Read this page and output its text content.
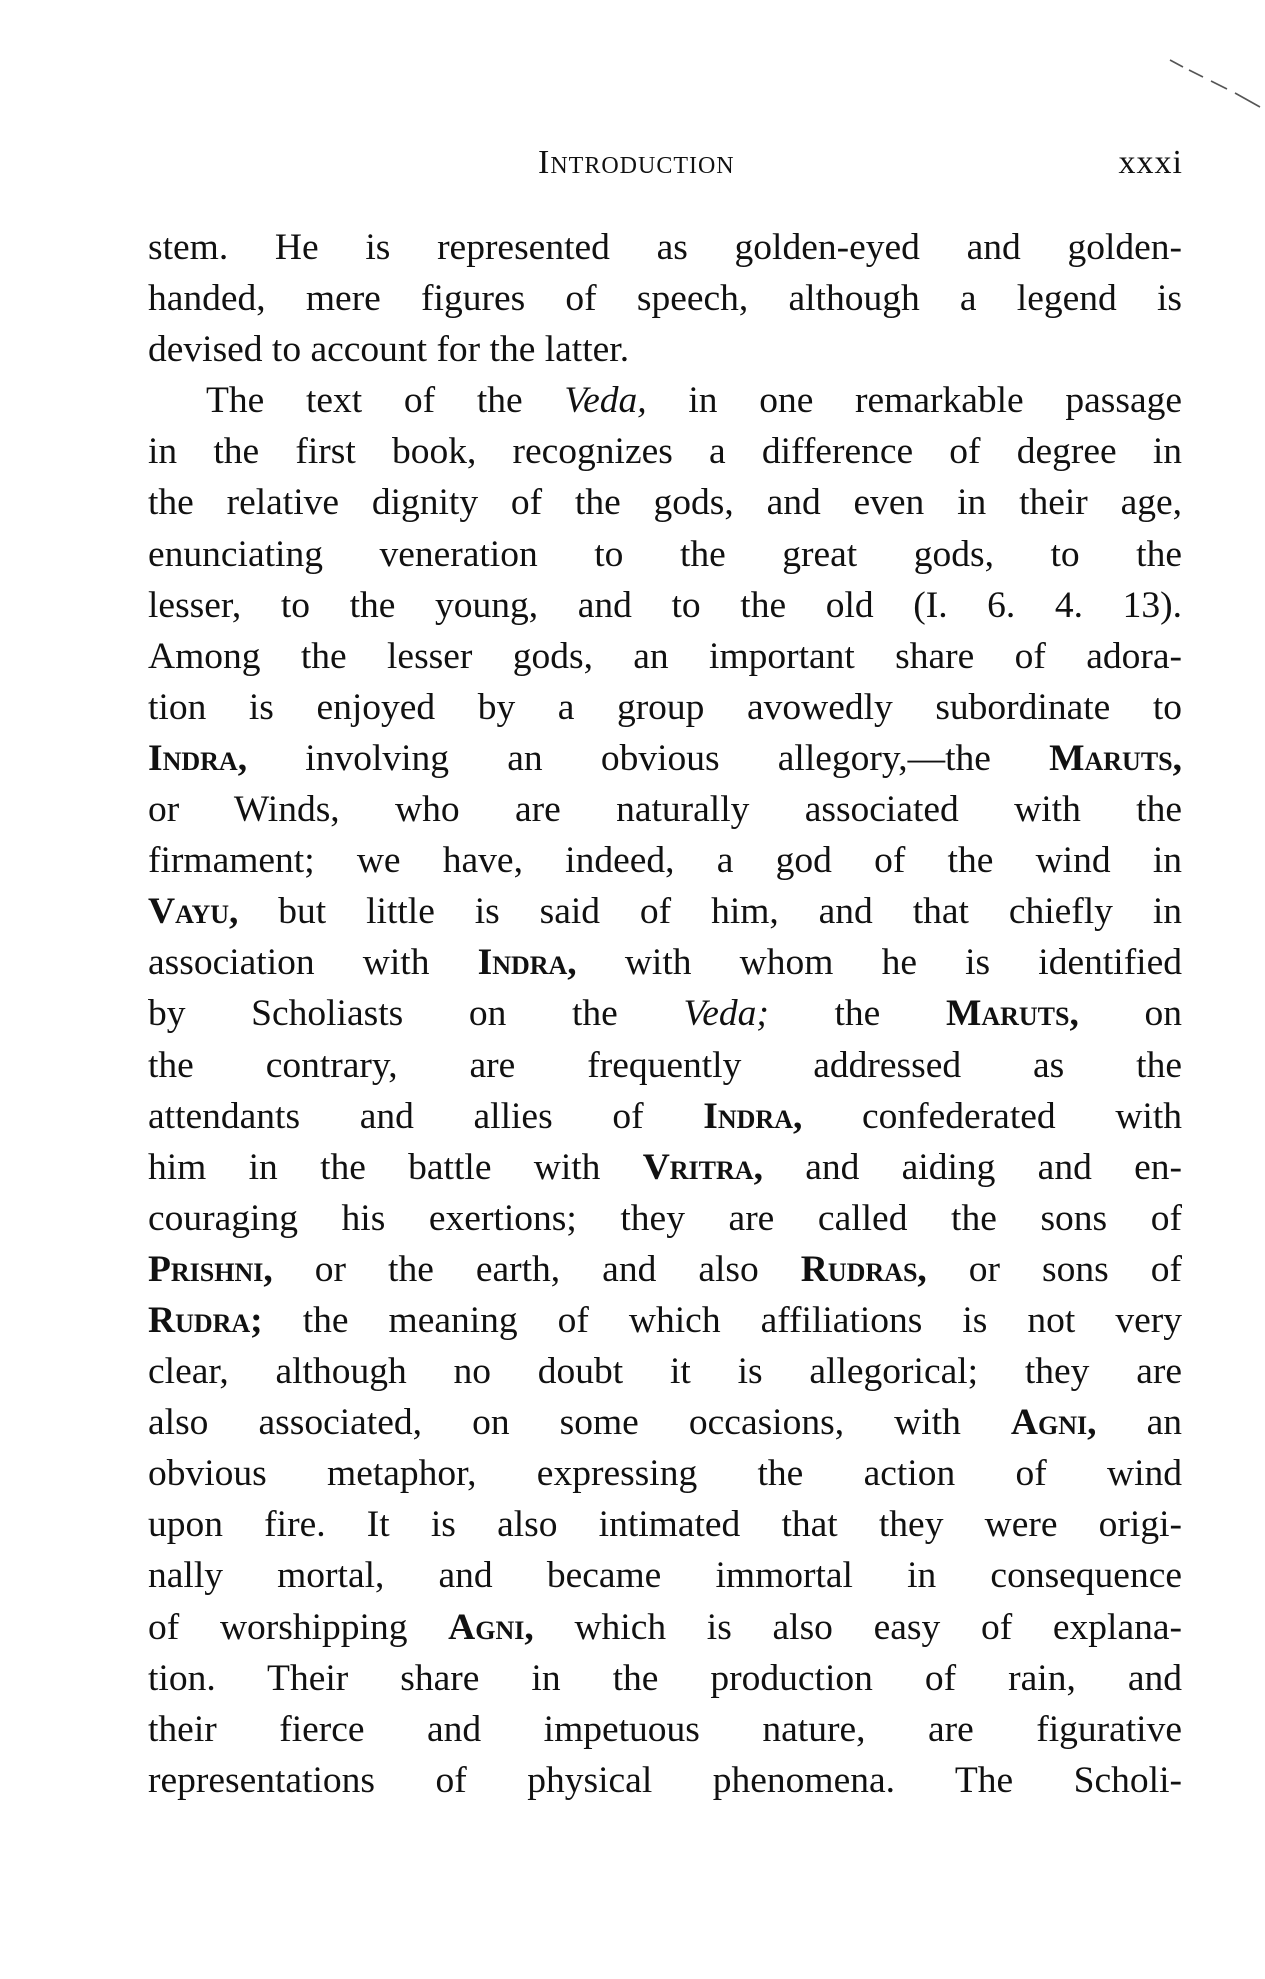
Introduction	xxxi
stem. He is represented as golden-eyed and golden-
handed, mere figures of speech, although a legend is
devised to account for the latter.
The text of the Veda, in one remarkable passage
in the first book, recognizes a difference of degree in
the relative dignity of the gods, and even in their age,
enunciating veneration to the great gods, to the
lesser, to the young, and to the old (I. 6. 4. 13).
Among the lesser gods, an important share of adora-
tion is enjoyed by a group avowedly subordinate to
Indra, involving an obvious allegory,—the Maruts,
or Winds, who are naturally associated with the
firmament; we have, indeed, a god of the wind in
Vayu, but little is said of him, and that chiefly in
association with Indra, with whom he is identified
by Scholiasts on the Veda; the Maruts, on
the contrary, are frequently addressed as the
attendants and allies of Indra, confederated with
him in the battle with Vritra, and aiding and en-
couraging his exertions; they are called the sons of
Prishni, or the earth, and also Rudras, or sons of
Rudra; the meaning of which affiliations is not very
clear, although no doubt it is allegorical; they are
also associated, on some occasions, with Agni, an
obvious metaphor, expressing the action of wind
upon fire. It is also intimated that they were origi-
nally mortal, and became immortal in consequence
of worshipping Agni, which is also easy of explana-
tion. Their share in the production of rain, and
their fierce and impetuous nature, are figurative
representations of physical phenomena. The Scholi-
